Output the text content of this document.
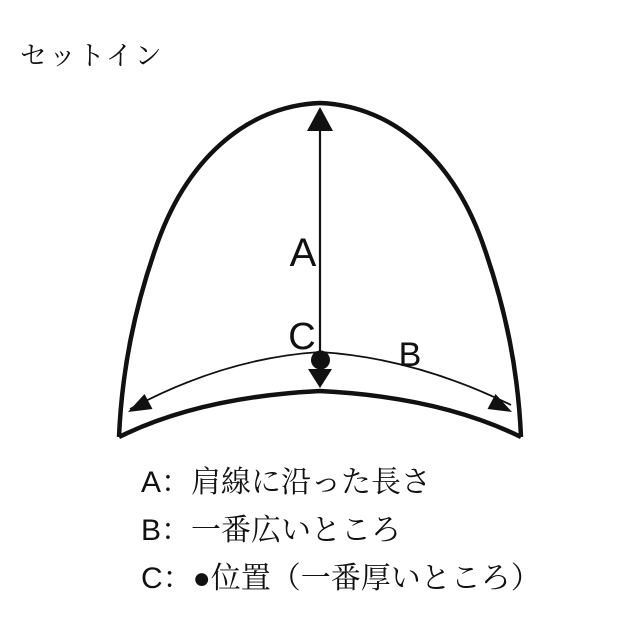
セットイン
A
C B
A：肩線に沿った長さ
B：一番広いところ
C：●位置（一番厚いところ）
